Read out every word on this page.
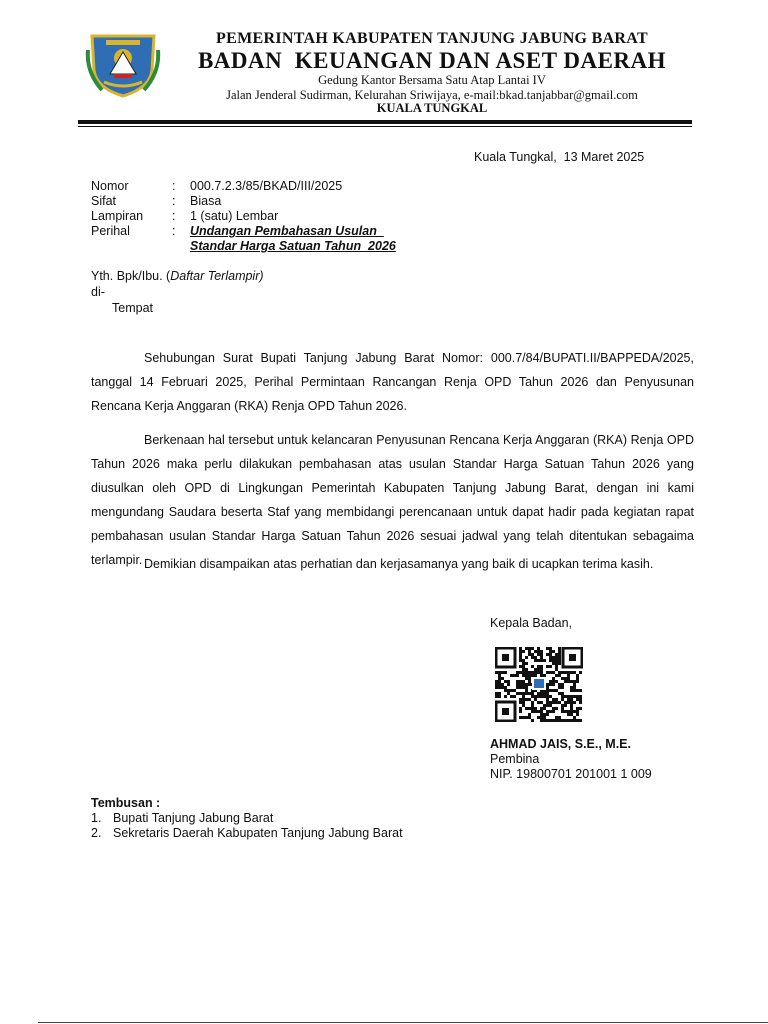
PEMERINTAH KABUPATEN TANJUNG JABUNG BARAT
BADAN  KEUANGAN DAN ASET DAERAH
Gedung Kantor Bersama Satu Atap Lantai IV
Jalan Jenderal Sudirman, Kelurahan Sriwijaya, e-mail:bkad.tanjabbar@gmail.com
KUALA TUNGKAL
Kuala Tungkal,  13 Maret 2025
Nomor	: 000.7.2.3/85/BKAD/III/2025
Sifat	: Biasa
Lampiran : 1 (satu) Lembar
Perihal	: Undangan Pembahasan Usulan_
Standar Harga Satuan Tahun  2026
Yth. Bpk/Ibu. (Daftar Terlampir)
di-
Tempat

Sehubungan Surat Bupati Tanjung Jabung Barat Nomor: 000.7/84/BUPATI.II/BAPPEDA/2025, tanggal 14 Februari 2025, Perihal Permintaan Rancangan Renja OPD Tahun 2026 dan Penyusunan Rencana Kerja Anggaran (RKA) Renja OPD Tahun 2026.

Berkenaan hal tersebut untuk kelancaran Penyusunan Rencana Kerja Anggaran (RKA) Renja OPD Tahun 2026 maka perlu dilakukan pembahasan atas usulan Standar Harga Satuan Tahun 2026 yang diusulkan oleh OPD di Lingkungan Pemerintah Kabupaten Tanjung Jabung Barat, dengan ini kami mengundang Saudara beserta Staf yang membidangi perencanaan untuk dapat hadir pada kegiatan rapat pembahasan usulan Standar Harga Satuan Tahun 2026 sesuai jadwal yang telah ditentukan sebagaima terlampir. Demikian disampaikan atas perhatian dan kerjasamanya yang baik di ucapkan terima kasih.

Kepala Badan,
AHMAD JAIS, S.E., M.E.
Pembina
NIP. 19800701 201001 1 009
Tembusan :
1. Bupati Tanjung Jabung Barat
2. Sekretaris Daerah Kabupaten Tanjung Jabung Barat
